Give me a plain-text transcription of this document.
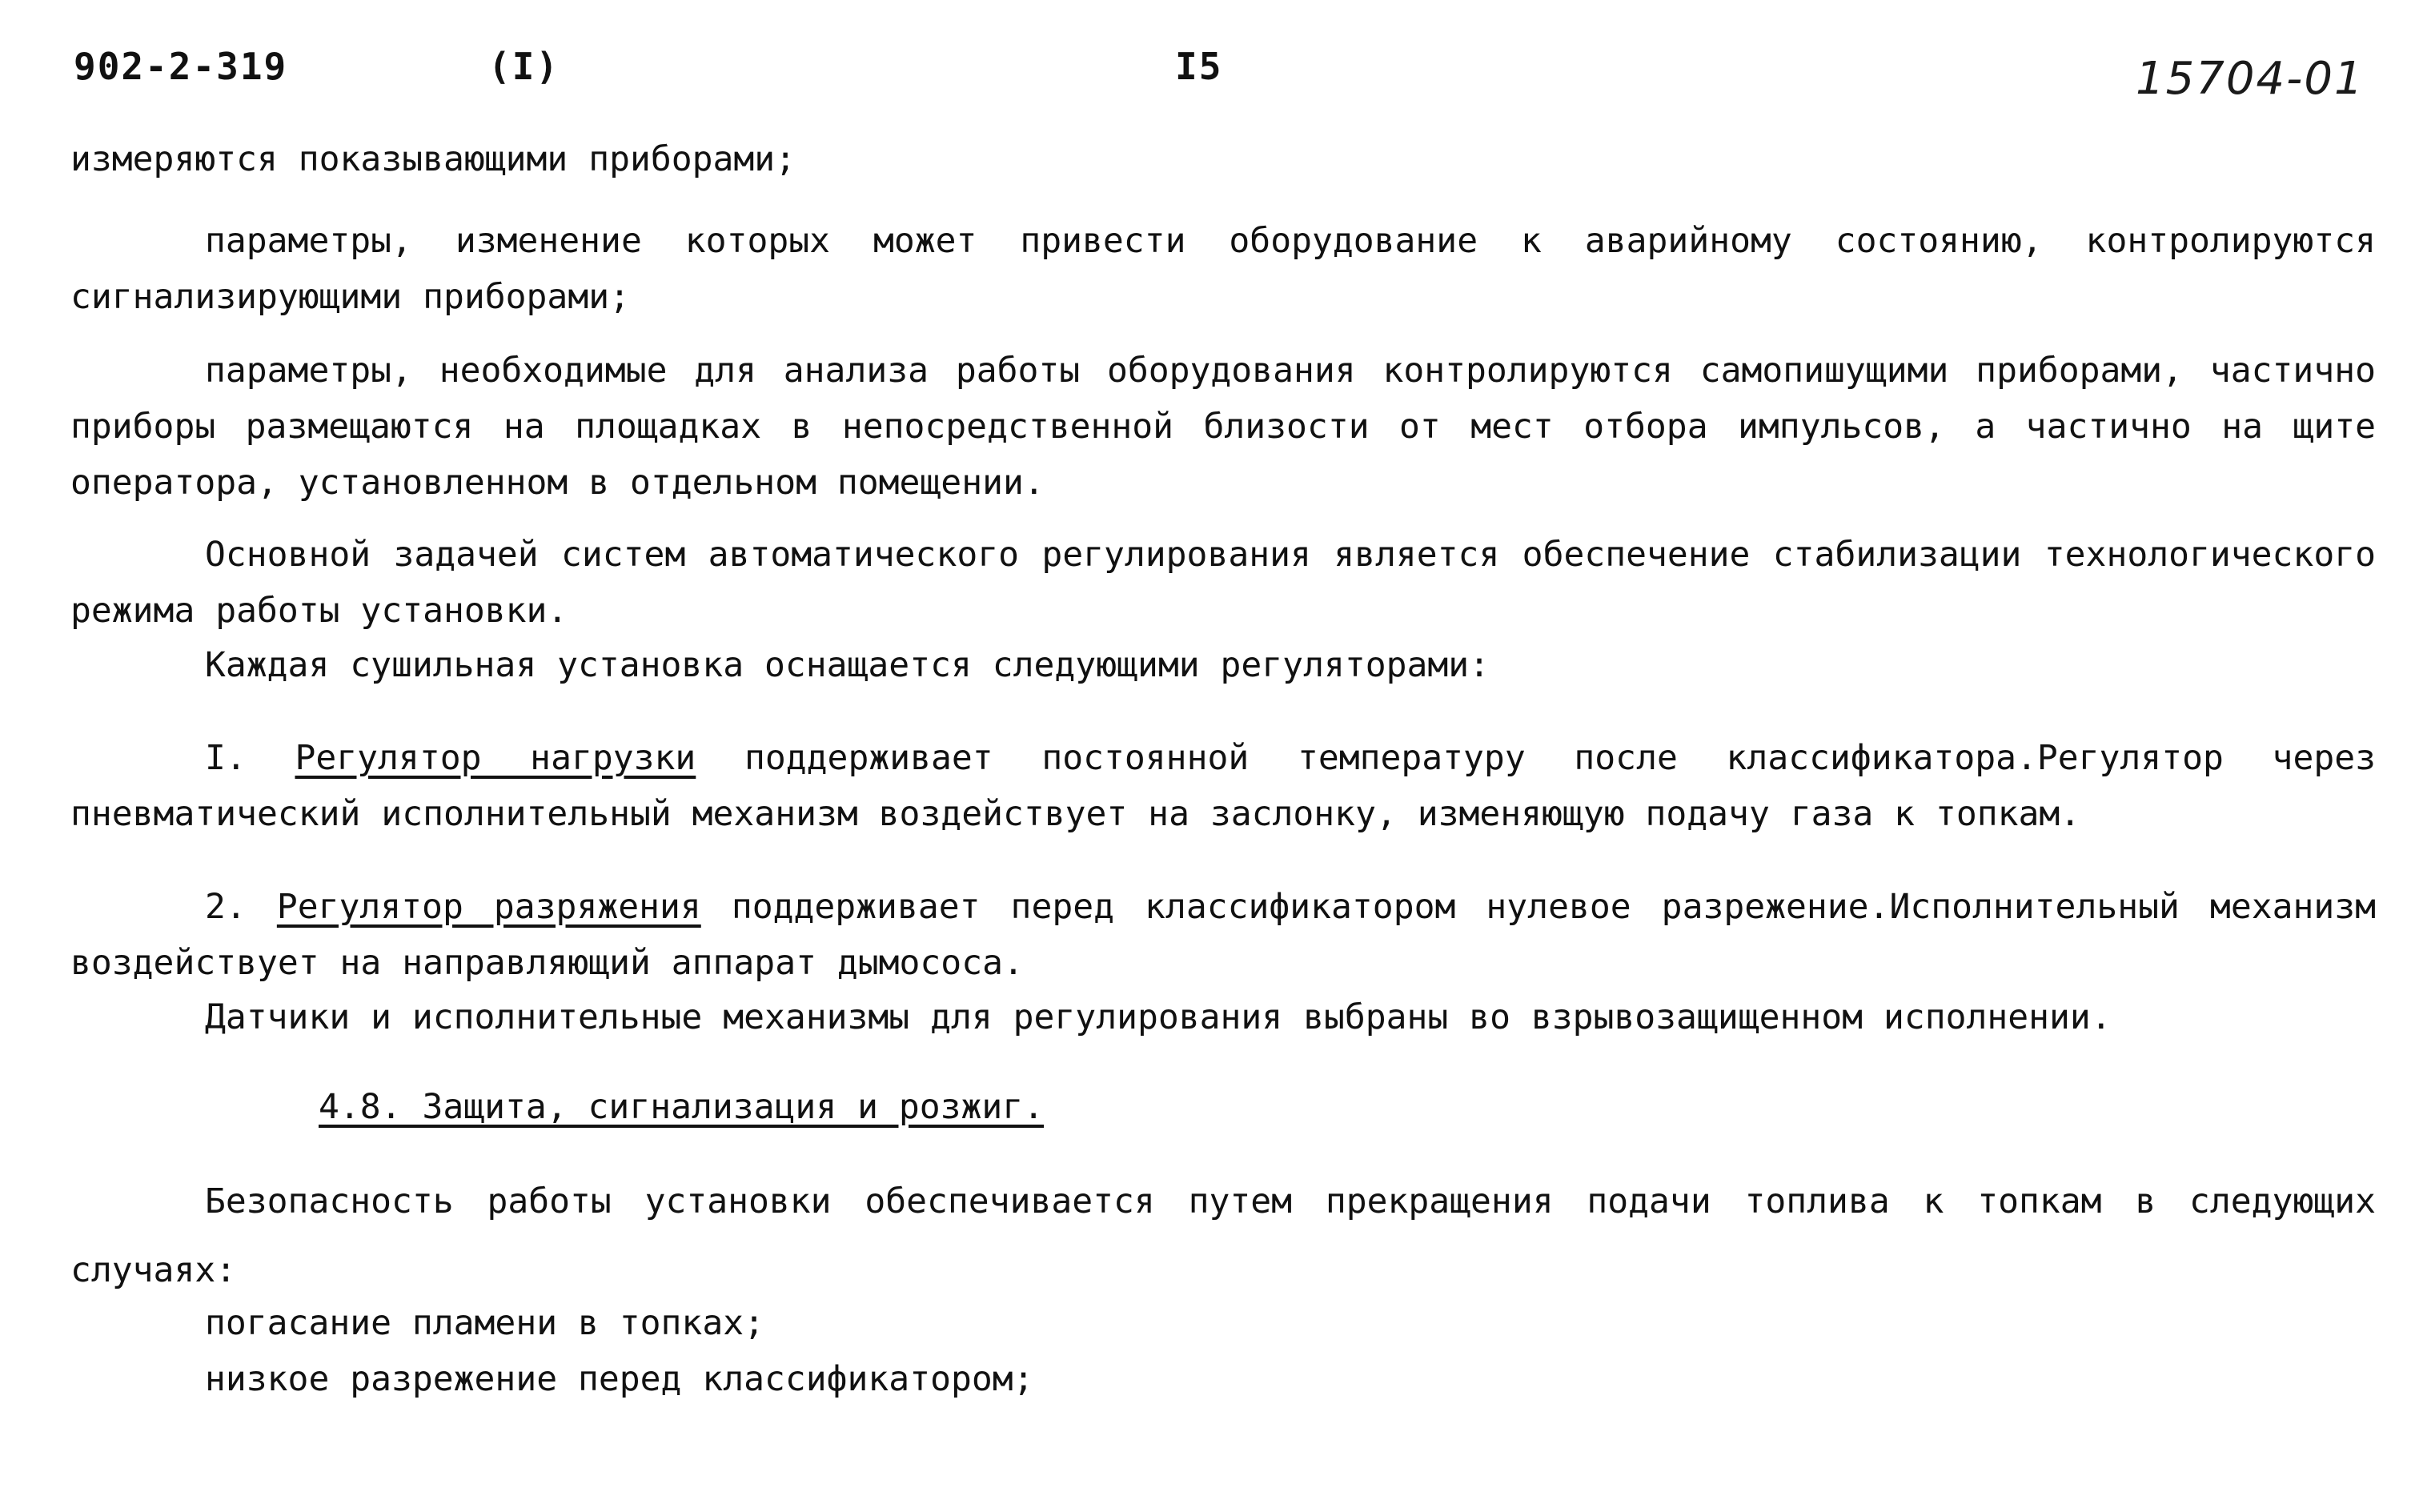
902-2-319	(I)	I5	15704-01
измеряются показывающими приборами;
параметры, изменение которых может привести оборудование к аварийному состоянию, контролируются сигнализирующими приборами;
параметры, необходимые для анализа работы оборудования контролируются самопишущими приборами, частично приборы размещаются на площадках в непосредственной близости от мест отбора импульсов, а частично на щите оператора, установленном в отдельном помещении.
Основной задачей систем автоматического регулирования является обеспечение стабилизации технологического режима работы установки.
Каждая сушильная установка оснащается следующими регуляторами:
I. Регулятор нагрузки поддерживает постоянной температуру после классификатора.Регулятор через пневматический исполнительный механизм воздействует на заслонку, изменяющую подачу газа к топкам.
2. Регулятор разряжения поддерживает перед классификатором нулевое разрежение.Исполнительный механизм воздействует на направляющий аппарат дымососа.
Датчики и исполнительные механизмы для регулирования выбраны во взрывозащищенном исполнении.
4.8. Защита, сигнализация и розжиг.
Безопасность работы установки обеспечивается путем прекращения подачи топлива к топкам в следующих случаях:
погасание пламени в топках;
низкое разрежение перед классификатором;
